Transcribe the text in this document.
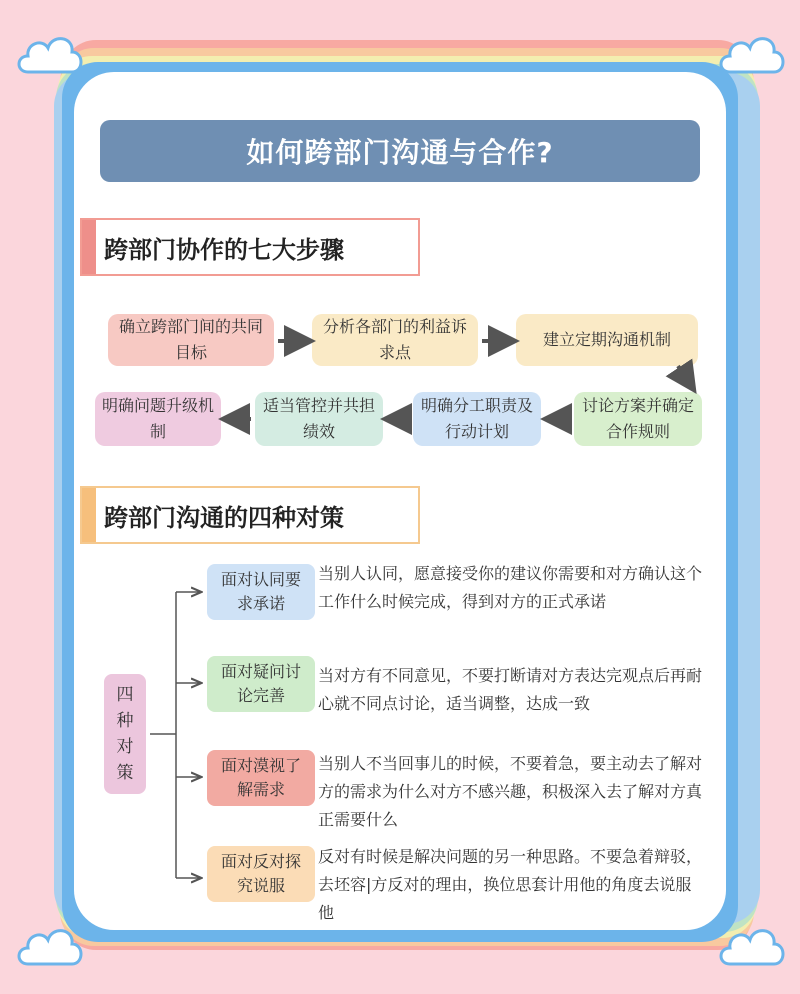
如何跨部门沟通与合作?
跨部门协作的七大步骤
确立跨部门间的共同目标
分析各部门的利益诉求点
建立定期沟通机制
讨论方案并确定合作规则
明确分工职责及行动计划
适当管控并共担绩效
明确问题升级机制
跨部门沟通的四种对策
四种对策
面对认同要求承诺
当别人认同，愿意接受你的建议你需要和对方确认这个工作什么时候完成，得到对方的正式承诺
面对疑问讨论完善
当对方有不同意见，不要打断请对方表达完观点后再耐心就不同点讨论，适当调整，达成一致
面对漠视了解需求
当别人不当回事儿的时候，不要着急，要主动去了解对方的需求为什么对方不感兴趣，积极深入去了解对方真正需要什么
面对反对探究说服
反对有时候是解决问题的另一种思路。不要急着辩驳，去坯容|方反对的理由，换位思套计用他的角度去说服他
